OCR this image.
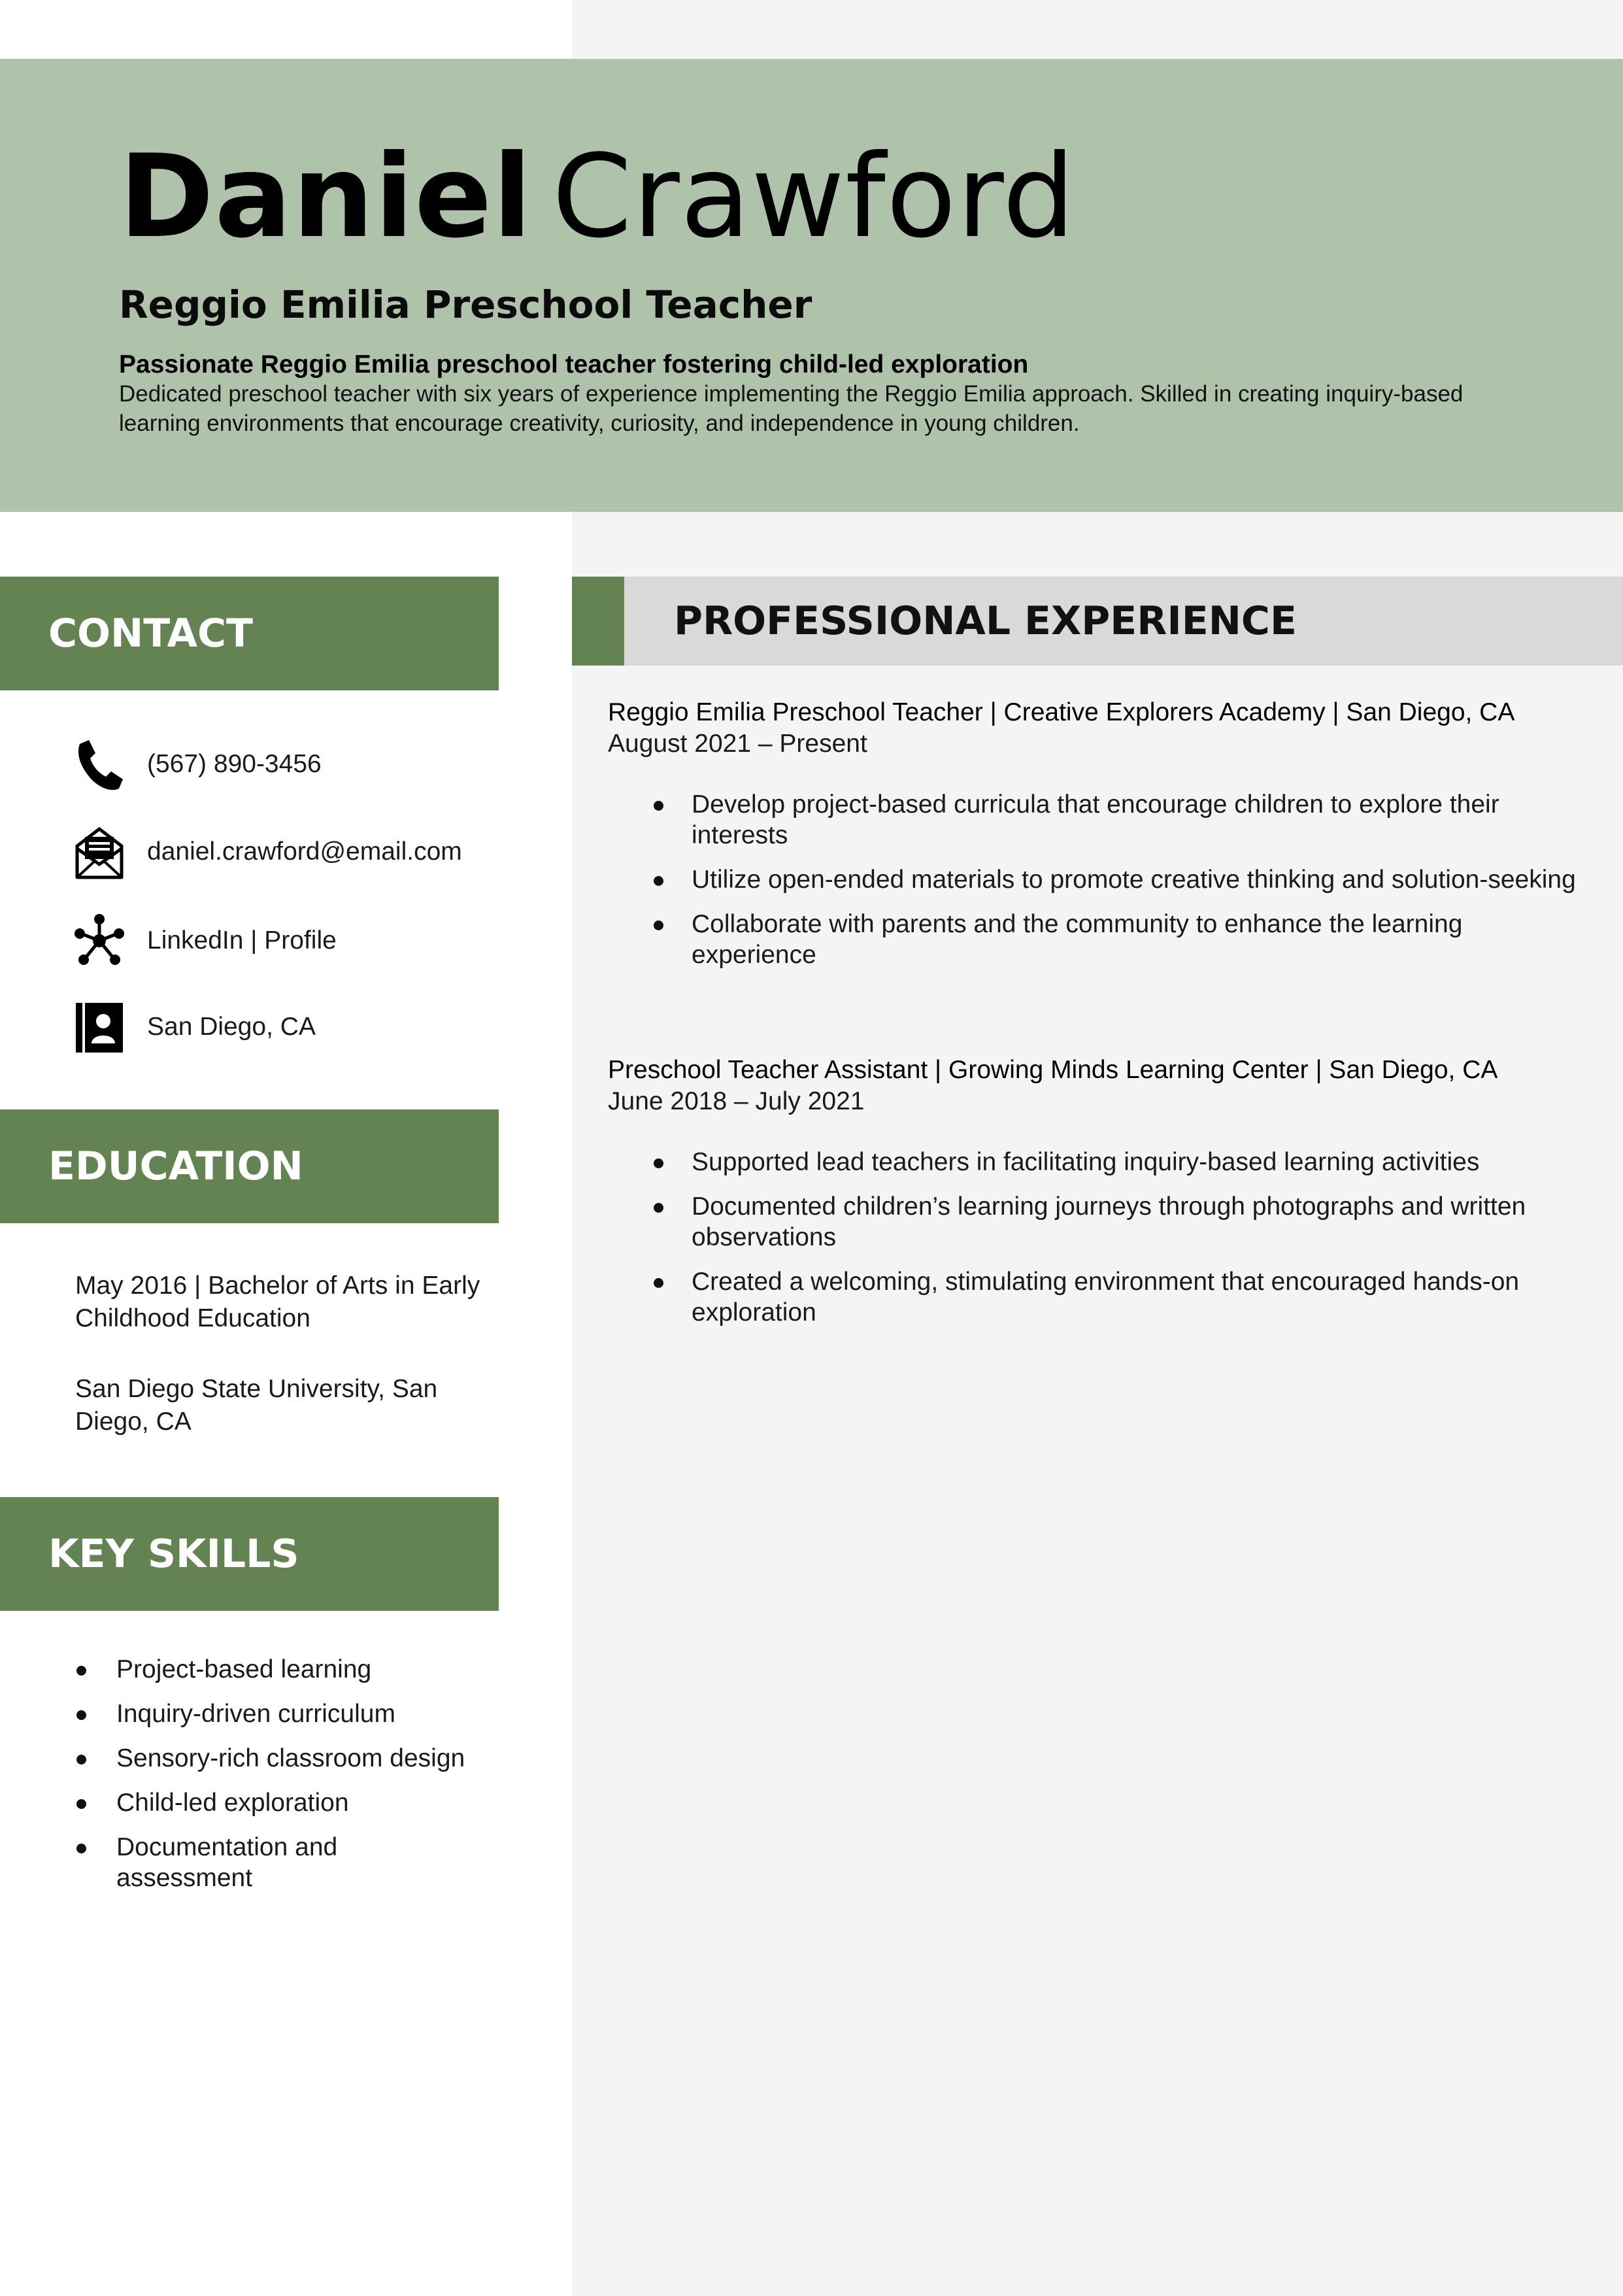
Daniel Crawford
Reggio Emilia Preschool Teacher
Passionate Reggio Emilia preschool teacher fostering child-led exploration
Dedicated preschool teacher with six years of experience implementing the Reggio Emilia approach. Skilled in creating inquiry-based learning environments that encourage creativity, curiosity, and independence in young children.
CONTACT
(567) 890-3456
daniel.crawford@email.com
LinkedIn | Profile
San Diego, CA
EDUCATION
May 2016 | Bachelor of Arts in Early Childhood Education
San Diego State University, San Diego, CA
KEY SKILLS
Project-based learning
Inquiry-driven curriculum
Sensory-rich classroom design
Child-led exploration
Documentation and assessment
PROFESSIONAL EXPERIENCE
Reggio Emilia Preschool Teacher | Creative Explorers Academy | San Diego, CA
August 2021 – Present
Develop project-based curricula that encourage children to explore their interests
Utilize open-ended materials to promote creative thinking and solution-seeking
Collaborate with parents and the community to enhance the learning experience
Preschool Teacher Assistant | Growing Minds Learning Center | San Diego, CA
June 2018 – July 2021
Supported lead teachers in facilitating inquiry-based learning activities
Documented children’s learning journeys through photographs and written observations
Created a welcoming, stimulating environment that encouraged hands-on exploration
